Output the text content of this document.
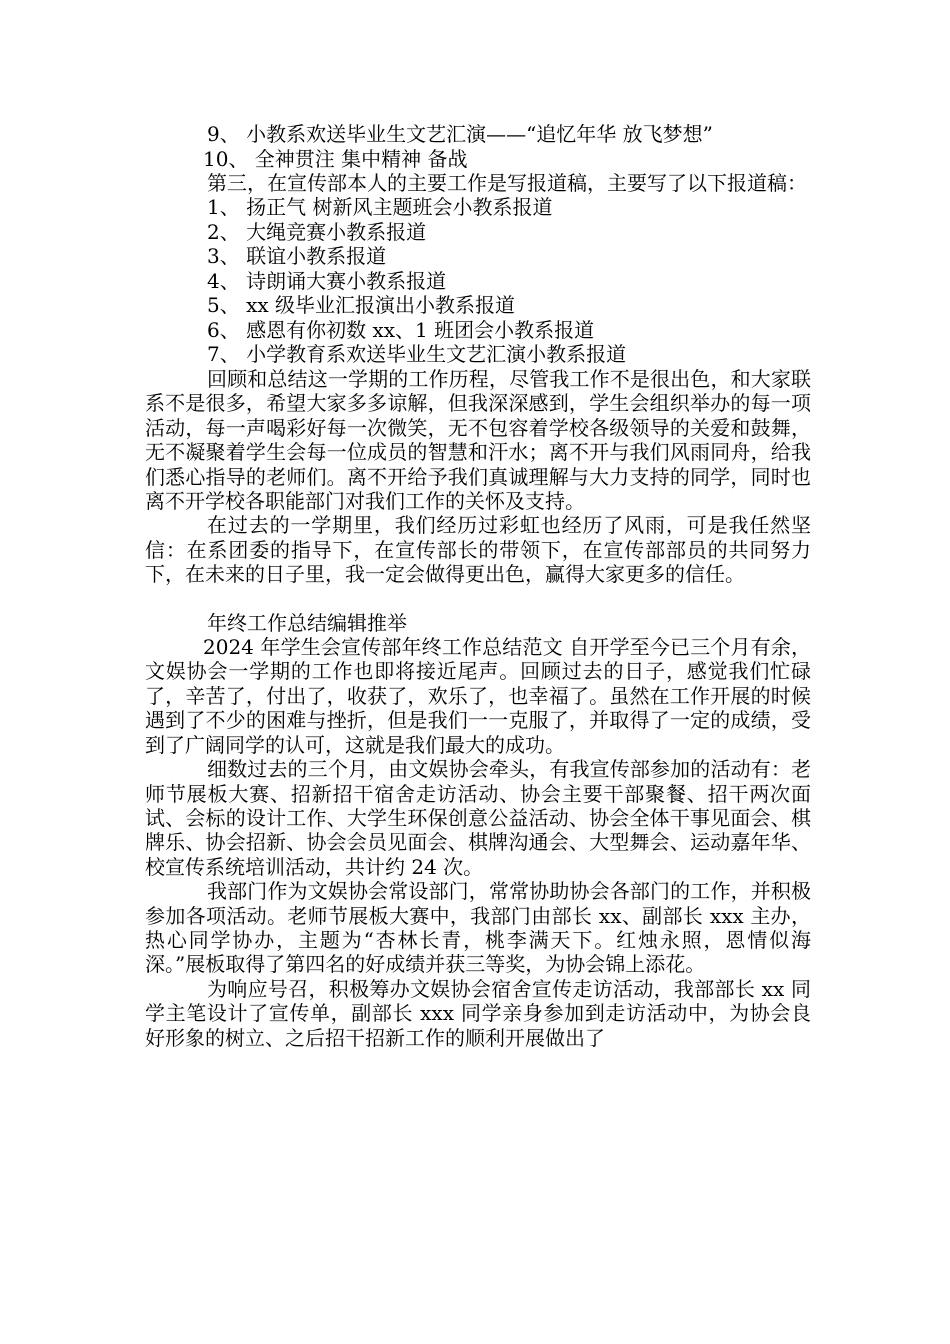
9、 小教系欢送毕业生文艺汇演——“追忆年华 放飞梦想”
10、 全神贯注 集中精神 备战

第三，在宣传部本人的主要工作是写报道稿，主要写了以下报道稿：

1、 扬正气 树新风主题班会小教系报道
2、 大绳竞赛小教系报道
3、 联谊小教系报道
4、 诗朗诵大赛小教系报道
5、 xx 级毕业汇报演出小教系报道
6、 感恩有你初数 xx、1 班团会小教系报道
7、 小学教育系欢送毕业生文艺汇演小教系报道

回顾和总结这一学期的工作历程，尽管我工作不是很出色，和大家联系不是很多，希望大家多多谅解，但我深深感到，学生会组织举办的每一项活动，每一声喝彩好每一次微笑，无不包容着学校各级领导的关爱和鼓舞，无不凝聚着学生会每一位成员的智慧和汗水；离不开与我们风雨同舟，给我们悉心指导的老师们。离不开给予我们真诚理解与大力支持的同学，同时也离不开学校各职能部门对我们工作的关怀及支持。

在过去的一学期里，我们经历过彩虹也经历了风雨，可是我任然坚信：在系团委的指导下，在宣传部长的带领下，在宣传部部员的共同努力下，在未来的日子里，我一定会做得更出色，赢得大家更多的信任。

年终工作总结编辑推举

2024 年学生会宣传部年终工作总结范文 自开学至今已三个月有余，文娱协会一学期的工作也即将接近尾声。回顾过去的日子，感觉我们忙碌了，辛苦了，付出了，收获了，欢乐了，也幸福了。虽然在工作开展的时候遇到了不少的困难与挫折，但是我们一一克服了，并取得了一定的成绩，受到了广阔同学的认可，这就是我们最大的成功。

细数过去的三个月，由文娱协会牵头，有我宣传部参加的活动有：老师节展板大赛、招新招干宿舍走访活动、协会主要干部聚餐、招干两次面试、会标的设计工作、大学生环保创意公益活动、协会全体干事见面会、棋牌乐、协会招新、协会会员见面会、棋牌沟通会、大型舞会、运动嘉年华、校宣传系统培训活动，共计约 24 次。

我部门作为文娱协会常设部门，常常协助协会各部门的工作，并积极参加各项活动。老师节展板大赛中，我部门由部长 xx、副部长 xxx 主办，热心同学协办，主题为“杏林长青，桃李满天下。红烛永照，恩情似海深。”展板取得了第四名的好成绩并获三等奖，为协会锦上添花。

为响应号召，积极筹办文娱协会宿舍宣传走访活动，我部部长 xx 同学主笔设计了宣传单，副部长 xxx 同学亲身参加到走访活动中，为协会良好形象的树立、之后招干招新工作的顺利开展做出了
